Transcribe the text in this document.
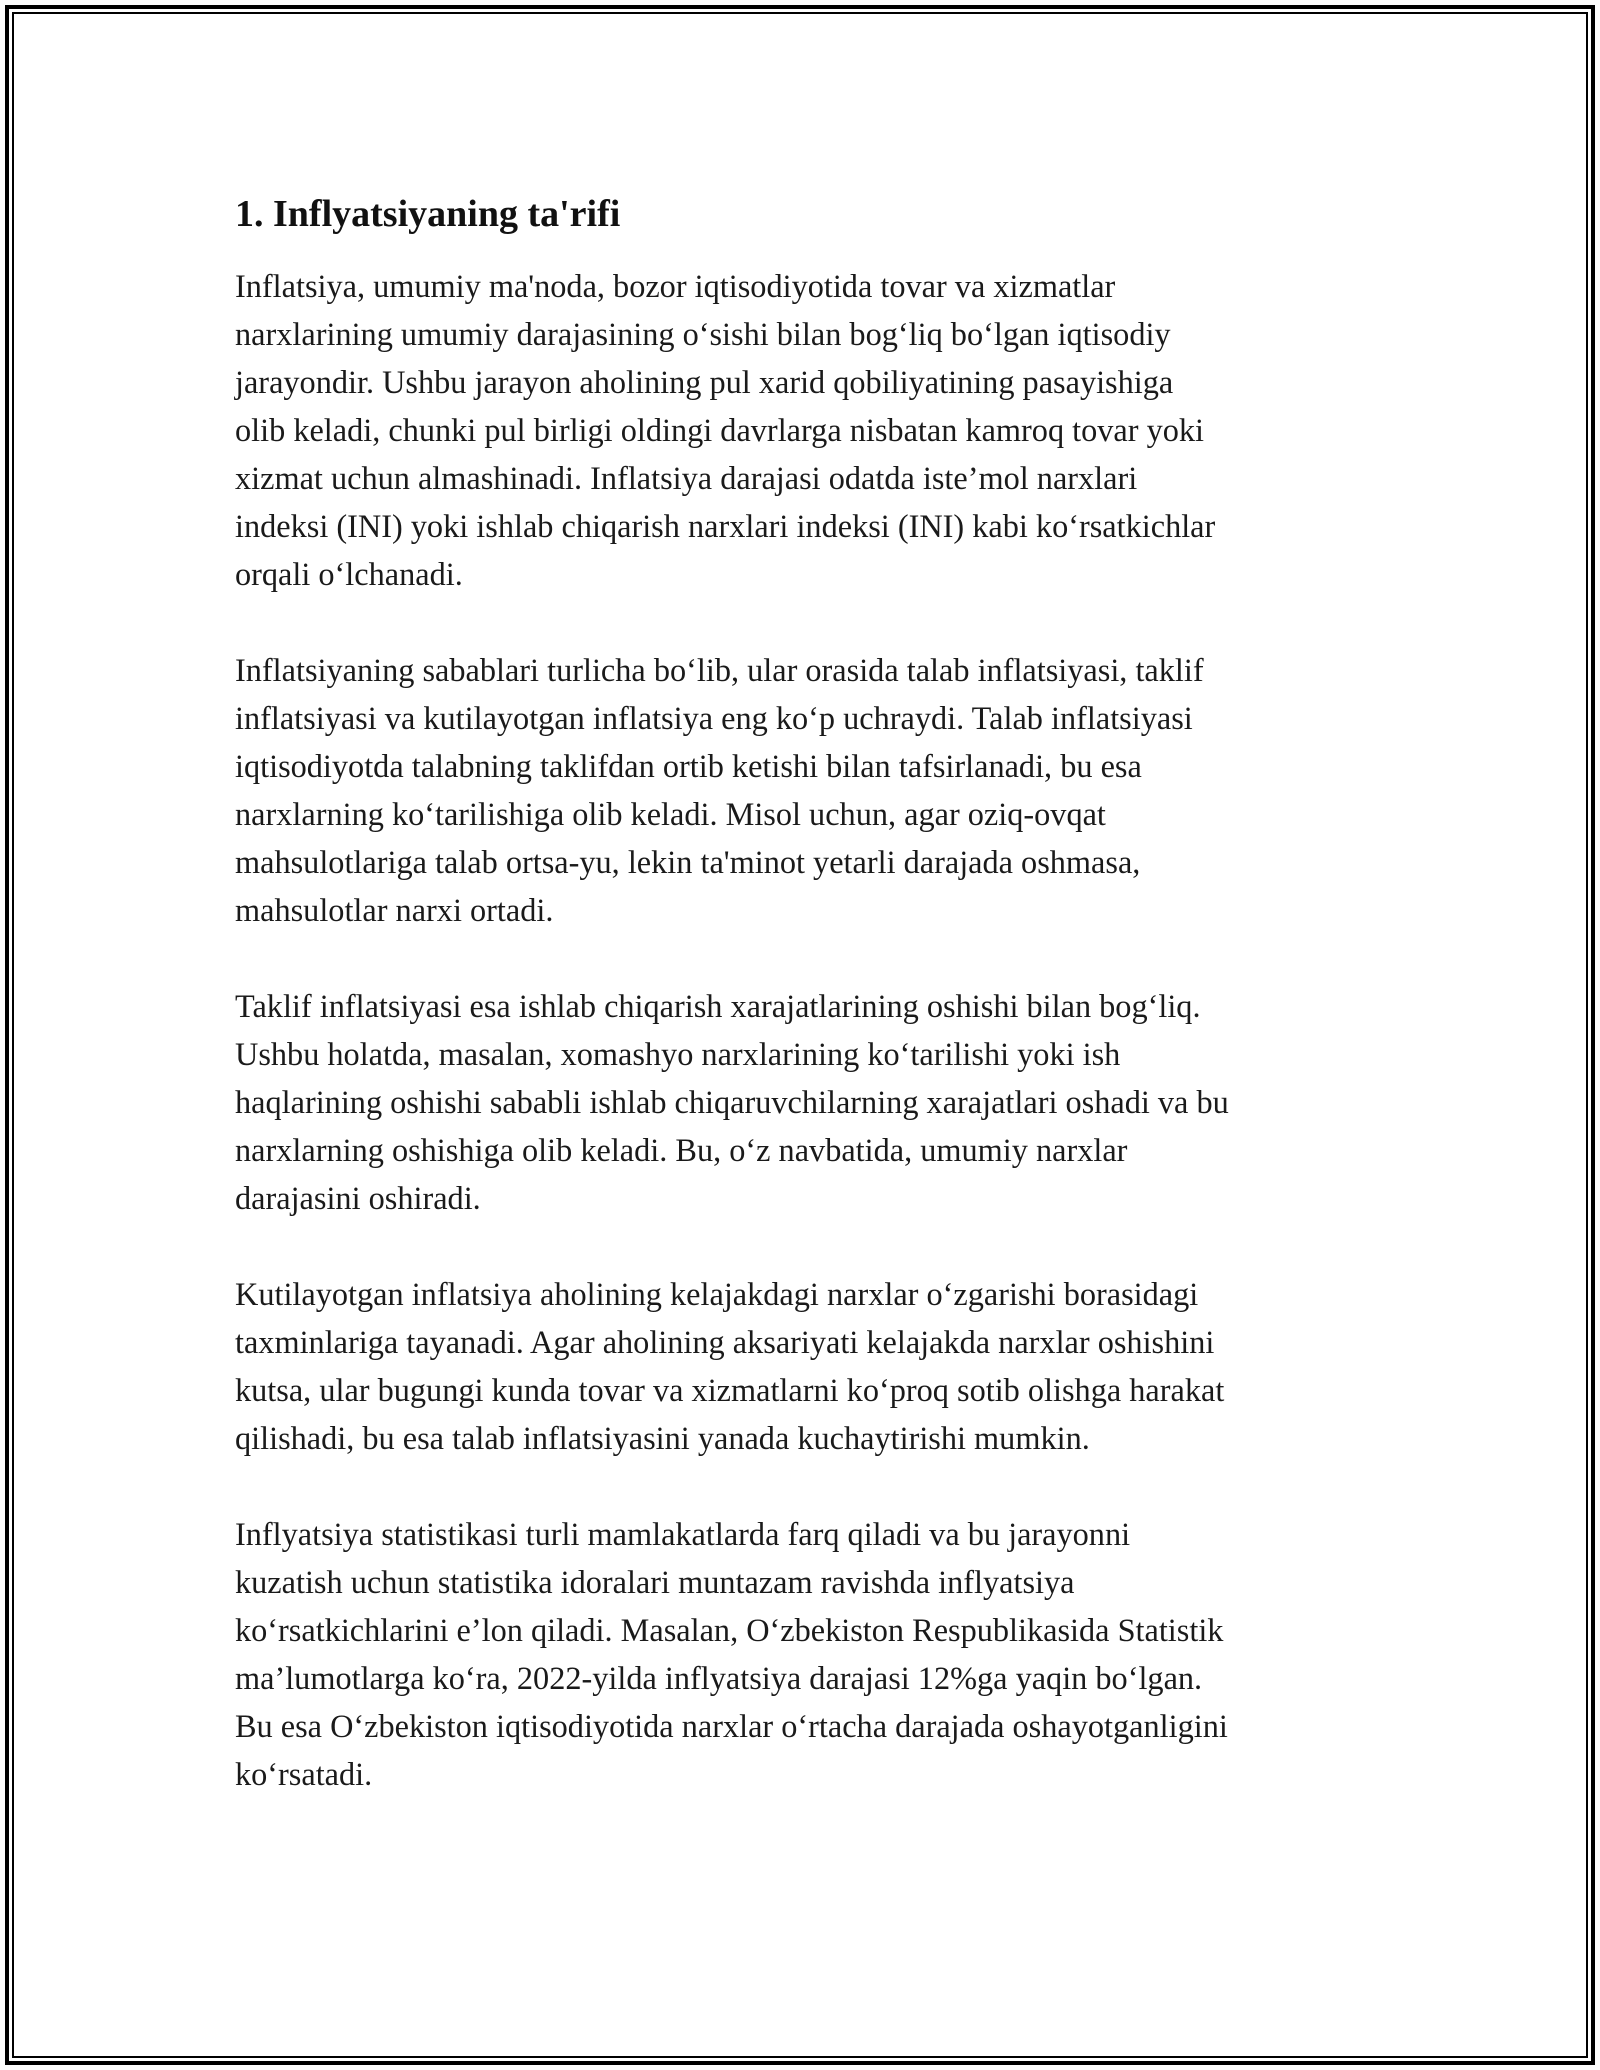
1. Inflyatsiyaning ta'rifi

Inflatsiya, umumiy ma'noda, bozor iqtisodiyotida tovar va xizmatlar
narxlarining umumiy darajasining o‘sishi bilan bog‘liq bo‘lgan iqtisodiy
jarayondir. Ushbu jarayon aholining pul xarid qobiliyatining pasayishiga
olib keladi, chunki pul birligi oldingi davrlarga nisbatan kamroq tovar yoki
xizmat uchun almashinadi. Inflatsiya darajasi odatda iste’mol narxlari
indeksi (INI) yoki ishlab chiqarish narxlari indeksi (INI) kabi ko‘rsatkichlar
orqali o‘lchanadi.

Inflatsiyaning sabablari turlicha bo‘lib, ular orasida talab inflatsiyasi, taklif
inflatsiyasi va kutilayotgan inflatsiya eng ko‘p uchraydi. Talab inflatsiyasi
iqtisodiyotda talabning taklifdan ortib ketishi bilan tafsirlanadi, bu esa
narxlarning ko‘tarilishiga olib keladi. Misol uchun, agar oziq-ovqat
mahsulotlariga talab ortsa-yu, lekin ta'minot yetarli darajada oshmasa,
mahsulotlar narxi ortadi.

Taklif inflatsiyasi esa ishlab chiqarish xarajatlarining oshishi bilan bog‘liq.
Ushbu holatda, masalan, xomashyo narxlarining ko‘tarilishi yoki ish
haqlarining oshishi sababli ishlab chiqaruvchilarning xarajatlari oshadi va bu
narxlarning oshishiga olib keladi. Bu, o‘z navbatida, umumiy narxlar
darajasini oshiradi.

Kutilayotgan inflatsiya aholining kelajakdagi narxlar o‘zgarishi borasidagi
taxminlariga tayanadi. Agar aholining aksariyati kelajakda narxlar oshishini
kutsa, ular bugungi kunda tovar va xizmatlarni ko‘proq sotib olishga harakat
qilishadi, bu esa talab inflatsiyasini yanada kuchaytirishi mumkin.

Inflyatsiya statistikasi turli mamlakatlarda farq qiladi va bu jarayonni
kuzatish uchun statistika idoralari muntazam ravishda inflyatsiya
ko‘rsatkichlarini e’lon qiladi. Masalan, O‘zbekiston Respublikasida Statistik
ma’lumotlarga ko‘ra, 2022-yilda inflyatsiya darajasi 12%ga yaqin bo‘lgan.
Bu esa O‘zbekiston iqtisodiyotida narxlar o‘rtacha darajada oshayotganligini
ko‘rsatadi.
